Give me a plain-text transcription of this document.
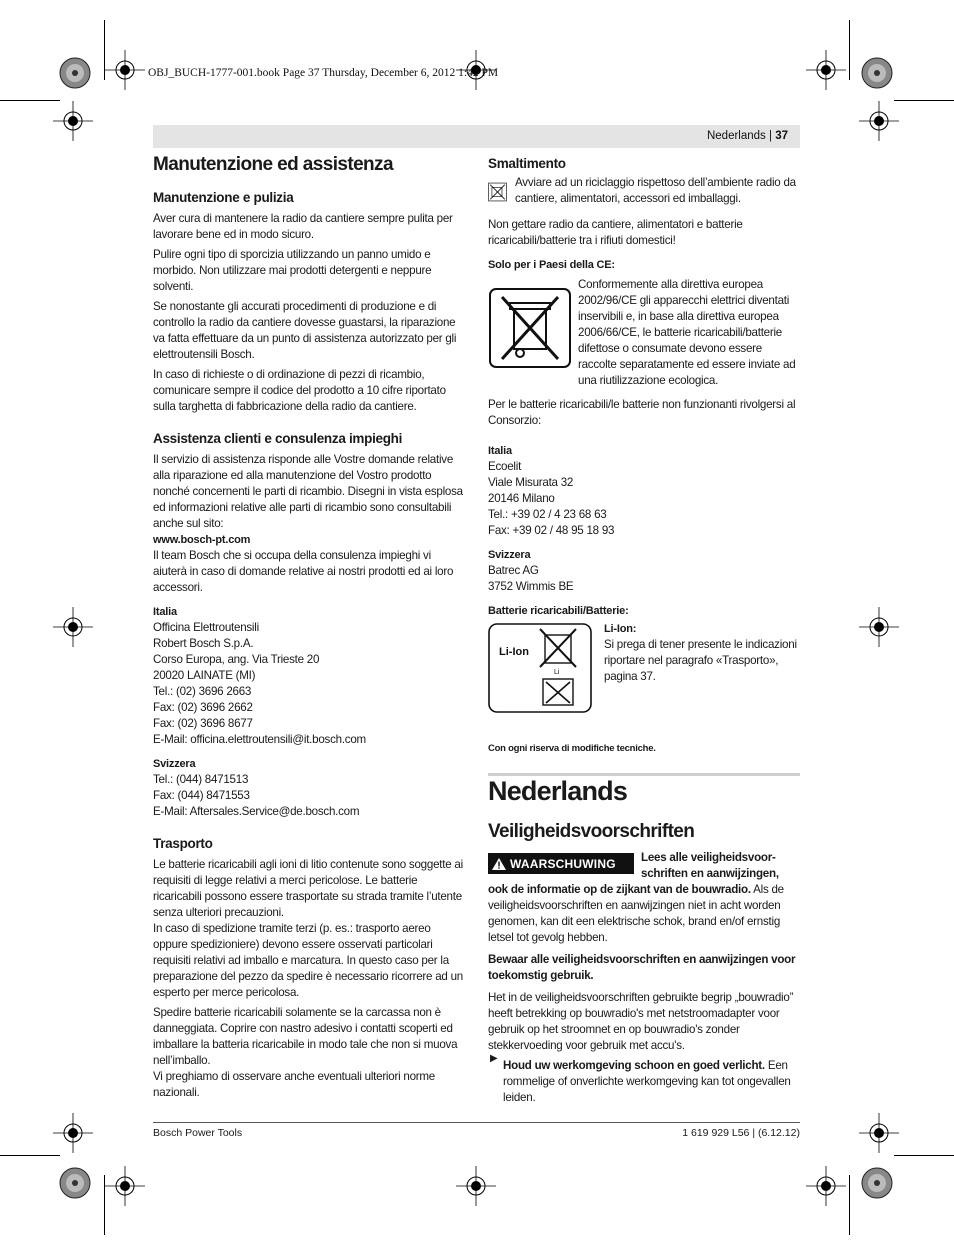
OBJ_BUCH-1777-001.book Page 37 Thursday, December 6, 2012 1:42 PM
Nederlands | 37
Manutenzione ed assistenza
Manutenzione e pulizia

Aver cura di mantenere la radio da cantiere sempre pulita per lavorare bene ed in modo sicuro.

Pulire ogni tipo di sporcizia utilizzando un panno umido e morbido. Non utilizzare mai prodotti detergenti e neppure solventi.

Se nonostante gli accurati procedimenti di produzione e di controllo la radio da cantiere dovesse guastarsi, la riparazione va fatta effettuare da un punto di assistenza autorizzato per gli elettroutensili Bosch.

In caso di richieste o di ordinazione di pezzi di ricambio, comunicare sempre il codice del prodotto a 10 cifre riportato sulla targhetta di fabbricazione della radio da cantiere.

Assistenza clienti e consulenza impieghi

Il servizio di assistenza risponde alle Vostre domande relative alla riparazione ed alla manutenzione del Vostro prodotto nonché concernenti le parti di ricambio. Disegni in vista esplosa ed informazioni relative alle parti di ricambio sono consultabili anche sul sito:

www.bosch-pt.com

Il team Bosch che si occupa della consulenza impieghi vi aiuterà in caso di domande relative ai nostri prodotti ed ai loro accessori.

Italia

Officina Elettroutensili
Robert Bosch S.p.A.
Corso Europa, ang. Via Trieste 20
20020 LAINATE (MI)
Tel.: (02) 3696 2663
Fax: (02) 3696 2662
Fax: (02) 3696 8677
E-Mail: officina.elettroutensili@it.bosch.com

Svizzera

Tel.: (044) 8471513
Fax: (044) 8471553
E-Mail: Aftersales.Service@de.bosch.com
Trasporto

Le batterie ricaricabili agli ioni di litio contenute sono soggette ai requisiti di legge relativi a merci pericolose. Le batterie ricaricabili possono essere trasportate su strada tramite l’utente senza ulteriori precauzioni.

In caso di spedizione tramite terzi (p. es.: trasporto aereo oppure spedizioniere) devono essere osservati particolari requisiti relativi ad imballo e marcatura. In questo caso per la preparazione del pezzo da spedire è necessario ricorrere ad un esperto per merce pericolosa.

Spedire batterie ricaricabili solamente se la carcassa non è danneggiata. Coprire con nastro adesivo i contatti scoperti ed imballare la batteria ricaricabile in modo tale che non si muova nell’imballo.

Vi preghiamo di osservare anche eventuali ulteriori norme nazionali.

Smaltimento

Avviare ad un riciclaggio rispettoso dell’ambiente radio da cantiere, alimentatori, accessori ed imballaggi.

Non gettare radio da cantiere, alimentatori e batterie ricaricabili/batterie tra i rifiuti domestici!

Solo per i Paesi della CE:

Conformemente alla direttiva europea 2002/96/CE gli apparecchi elettrici diventati inservibili e, in base alla direttiva europea 2006/66/CE, le batterie ricaricabili/batterie difettose o consumate devono essere raccolte separatamente ed essere inviate ad una riutilizzazione ecologica.

Per le batterie ricaricabili/le batterie non funzionanti rivolgersi al Consorzio:

Italia

Ecoelit
Viale Misurata 32
20146 Milano
Tel.: +39 02 / 4 23 68 63
Fax: +39 02 / 48 95 18 93

Svizzera

Batrec AG
3752 Wimmis BE

Batterie ricaricabili/Batterie:

Li-Ion
Li
Li-Ion:

Si prega di tener presente le indicazioni riportare nel paragrafo «Trasporto», pagina 37.

Con ogni riserva di modifiche tecniche.

Nederlands
Veiligheidsvoorschriften
WAARSCHUWING Lees alle veiligheidsvoor-
schriften en aanwijzingen,

ook de informatie op de zijkant van de bouwradio. Als de veiligheidsvoorschriften en aanwijzingen niet in acht worden genomen, kan dit een elektrische schok, brand en/of ernstig letsel tot gevolg hebben.

Bewaar alle veiligheidsvoorschriften en aanwijzingen voor toekomstig gebruik.

Het in de veiligheidsvoorschriften gebruikte begrip „bouwradio” heeft betrekking op bouwradio's met netstroomadapter voor gebruik op het stroomnet en op bouwradio's zonder stekkervoeding voor gebruik met accu's.

Houd uw werkomgeving schoon en goed verlicht. Een rommelige of onverlichte werkomgeving kan tot ongevallen leiden.

▶
Bosch Power Tools	1 619 929 L56 | (6.12.12)
